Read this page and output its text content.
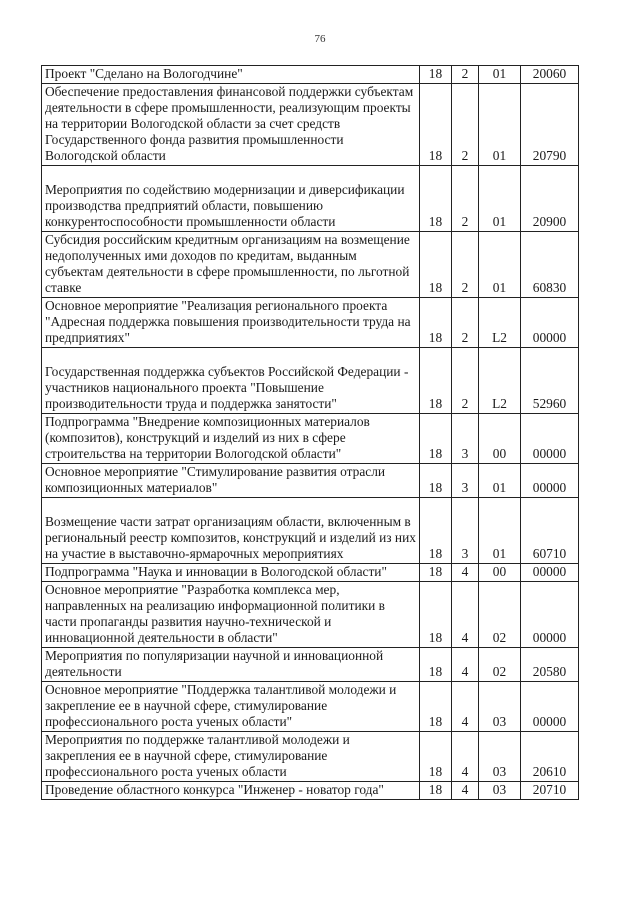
76
Проект "Сделано на Вологодчине"	18	2	01	20060
Обеспечение предоставления финансовой поддержки субъектам деятельности в сфере промышленности, реализующим проекты на территории Вологодской области за счет средств Государственного фонда развития промышленности Вологодской области	18	2	01	20790

Мероприятия по содействию модернизации и диверсификации производства предприятий области, повышению конкурентоспособности промышленности области	18	2	01	20900
Субсидия российским кредитным организациям на возмещение недополученных ими доходов по кредитам, выданным субъектам деятельности в сфере промышленности, по льготной ставке	18	2	01	60830
Основное мероприятие "Реализация регионального проекта "Адресная поддержка повышения производительности труда на предприятиях"	18	2	L2	00000

Государственная поддержка субъектов Российской Федерации - участников национального проекта "Повышение производительности труда и поддержка занятости"	18	2	L2	52960
Подпрограмма "Внедрение композиционных материалов (композитов), конструкций и изделий из них в сфере строительства на территории Вологодской области"	18	3	00	00000
Основное мероприятие "Стимулирование развития отрасли композиционных материалов"	18	3	01	00000

Возмещение части затрат организациям области, включенным в региональный реестр композитов, конструкций и изделий из них на участие в выставочно-ярмарочных мероприятиях	18	3	01	60710
Подпрограмма "Наука и инновации в Вологодской области"	18	4	00	00000
Основное мероприятие "Разработка комплекса мер, направленных на реализацию информационной политики в части пропаганды развития научно-технической и инновационной деятельности в области"	18	4	02	00000
Мероприятия по популяризации научной и инновационной деятельности	18	4	02	20580
Основное мероприятие "Поддержка талантливой молодежи и закрепление ее в научной сфере, стимулирование профессионального роста ученых области"	18	4	03	00000
Мероприятия по поддержке талантливой молодежи и закрепления ее в научной сфере, стимулирование профессионального роста ученых области	18	4	03	20610
Проведение областного конкурса "Инженер - новатор года"	18	4	03	20710
